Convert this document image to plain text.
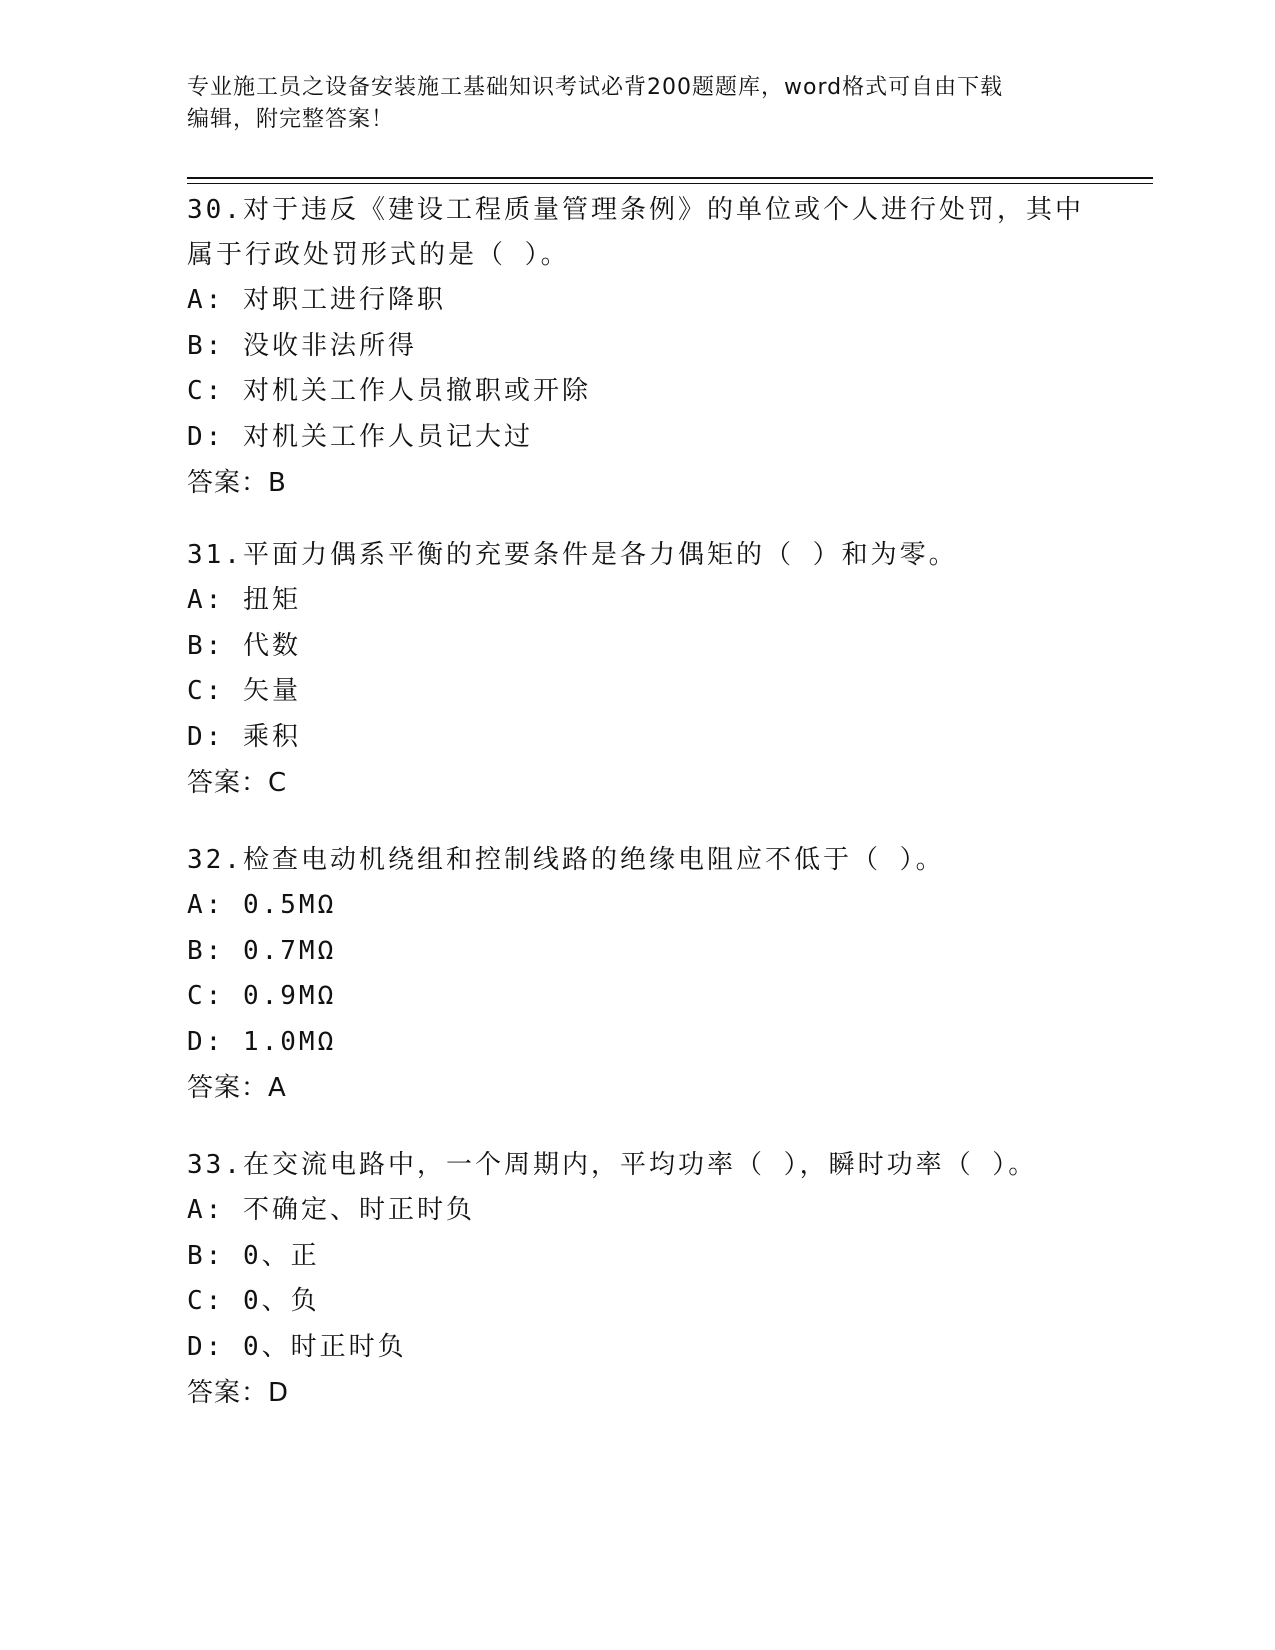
专业施工员之设备安装施工基础知识考试必背200题题库，word格式可自由下载
编辑，附完整答案！
30.对于违反《建设工程质量管理条例》的单位或个人进行处罚，其中
属于行政处罚形式的是（ ）。
A: 对职工进行降职
B: 没收非法所得
C: 对机关工作人员撤职或开除
D: 对机关工作人员记大过
答案：B
31.平面力偶系平衡的充要条件是各力偶矩的（ ）和为零。
A: 扭矩
B: 代数
C: 矢量
D: 乘积
答案：C
32.检查电动机绕组和控制线路的绝缘电阻应不低于（ ）。
A: 0.5MΩ
B: 0.7MΩ
C: 0.9MΩ
D: 1.0MΩ
答案：A
33.在交流电路中，一个周期内，平均功率（ ），瞬时功率（ ）。
A: 不确定、时正时负
B: 0、正
C: 0、负
D: 0、时正时负
答案：D
